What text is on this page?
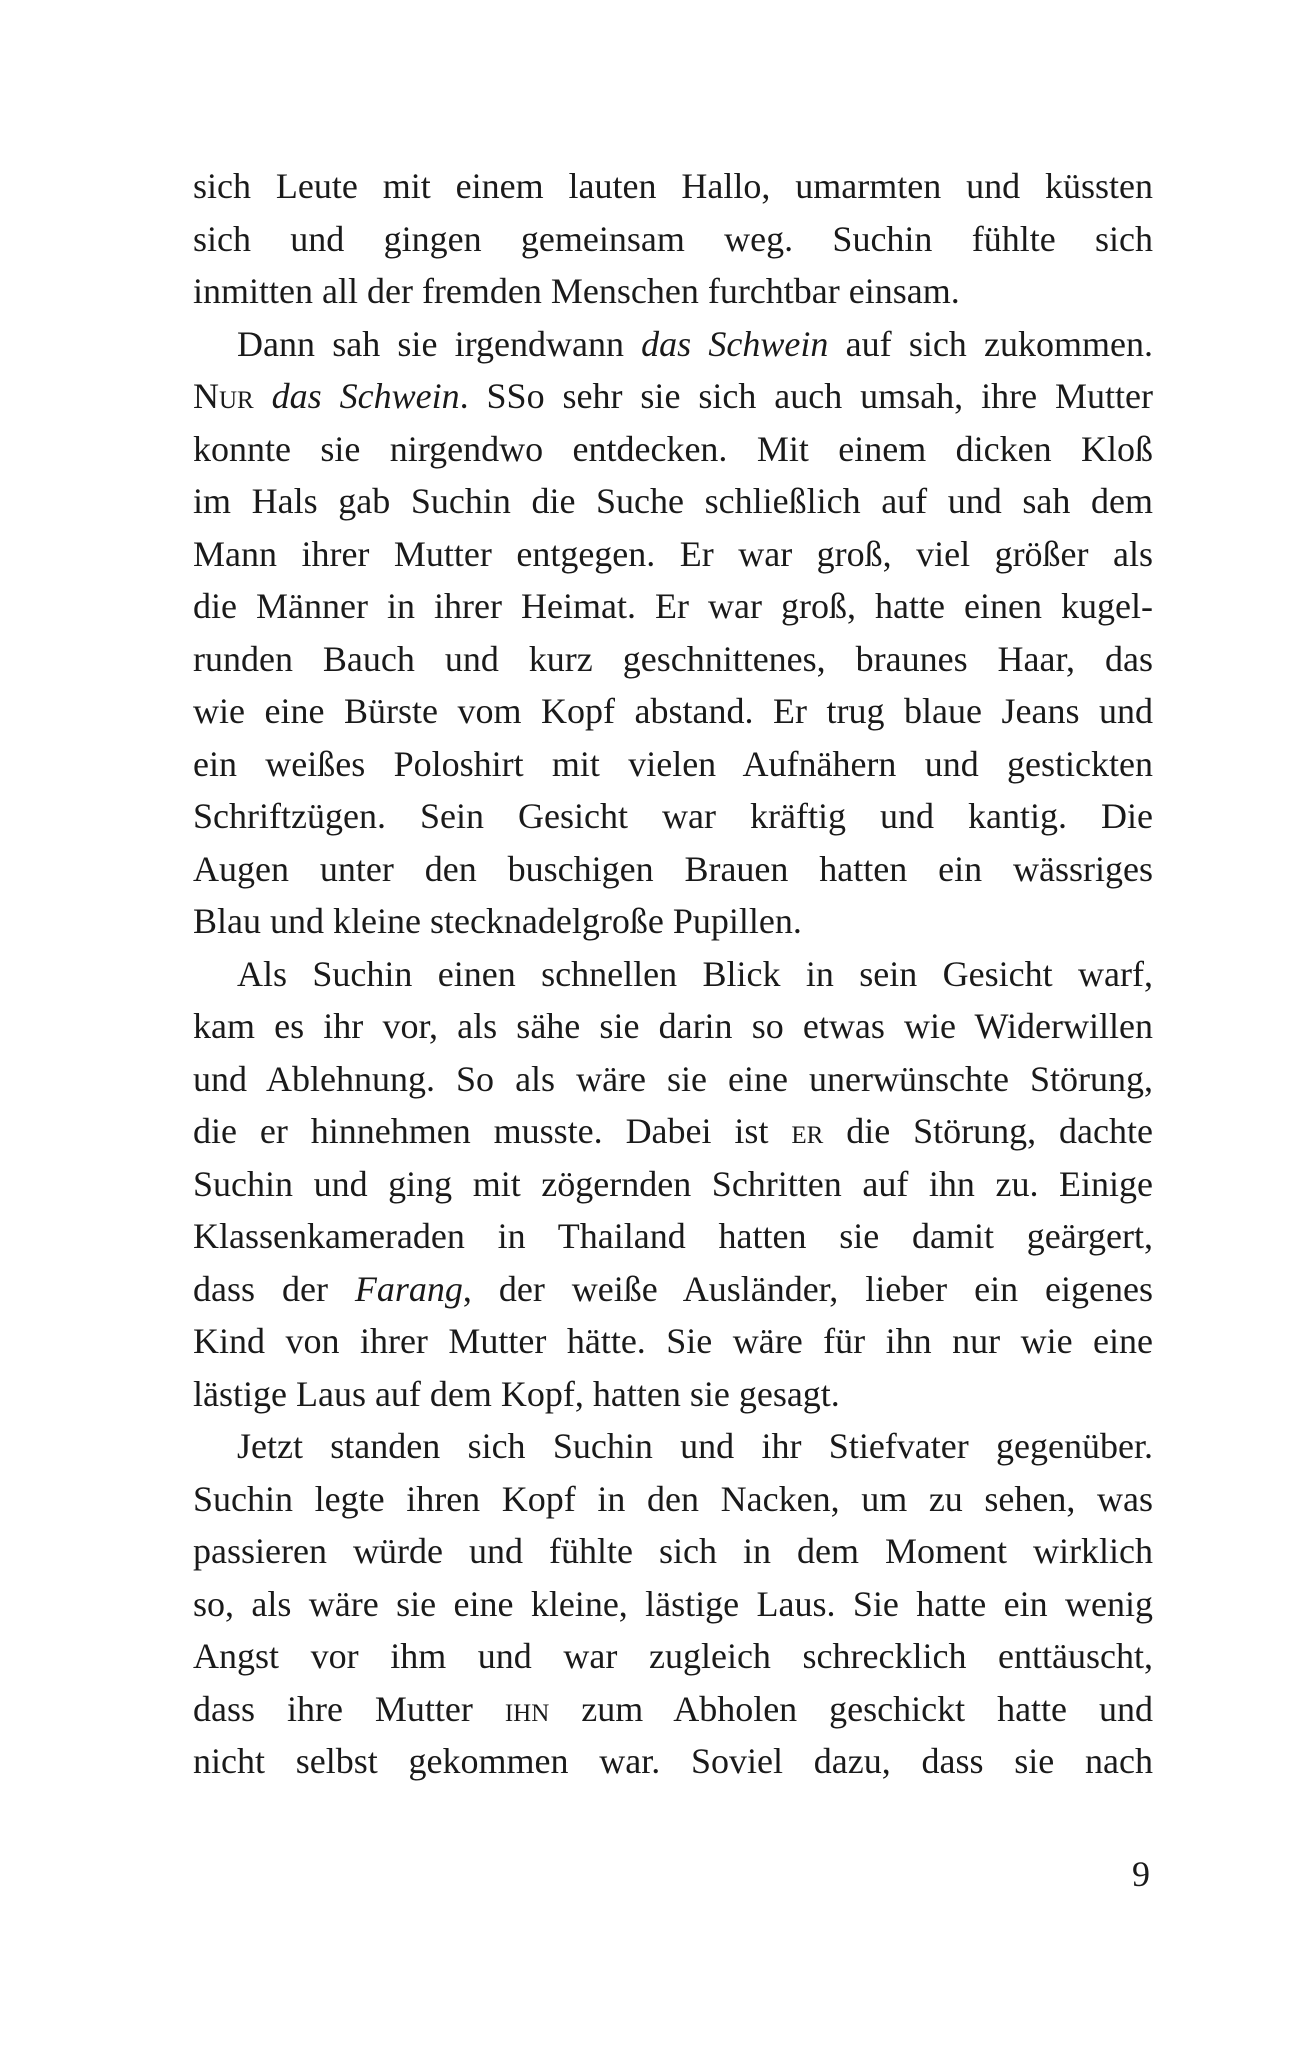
sich Leute mit einem lauten Hallo, umarmten und küssten
sich und gingen gemeinsam weg. Suchin fühlte sich
inmitten all der fremden Menschen furchtbar einsam.
Dann sah sie irgendwann das Schwein auf sich zukommen.
Nur das Schwein. SSo sehr sie sich auch umsah, ihre Mutter
konnte sie nirgendwo entdecken. Mit einem dicken Kloß
im Hals gab Suchin die Suche schließlich auf und sah dem
Mann ihrer Mutter entgegen. Er war groß, viel größer als
die Männer in ihrer Heimat. Er war groß, hatte einen kugel-
runden Bauch und kurz geschnittenes, braunes Haar, das
wie eine Bürste vom Kopf abstand. Er trug blaue Jeans und
ein weißes Poloshirt mit vielen Aufnähern und gestickten
Schriftzügen. Sein Gesicht war kräftig und kantig. Die
Augen unter den buschigen Brauen hatten ein wässriges
Blau und kleine stecknadelgroße Pupillen.
Als Suchin einen schnellen Blick in sein Gesicht warf,
kam es ihr vor, als sähe sie darin so etwas wie Widerwillen
und Ablehnung. So als wäre sie eine unerwünschte Störung,
die er hinnehmen musste. Dabei ist er die Störung, dachte
Suchin und ging mit zögernden Schritten auf ihn zu. Einige
Klassenkameraden in Thailand hatten sie damit geärgert,
dass der Farang, der weiße Ausländer, lieber ein eigenes
Kind von ihrer Mutter hätte. Sie wäre für ihn nur wie eine
lästige Laus auf dem Kopf, hatten sie gesagt.
Jetzt standen sich Suchin und ihr Stiefvater gegenüber.
Suchin legte ihren Kopf in den Nacken, um zu sehen, was
passieren würde und fühlte sich in dem Moment wirklich
so, als wäre sie eine kleine, lästige Laus. Sie hatte ein wenig
Angst vor ihm und war zugleich schrecklich enttäuscht,
dass ihre Mutter ihn zum Abholen geschickt hatte und
nicht selbst gekommen war. Soviel dazu, dass sie nach
9
